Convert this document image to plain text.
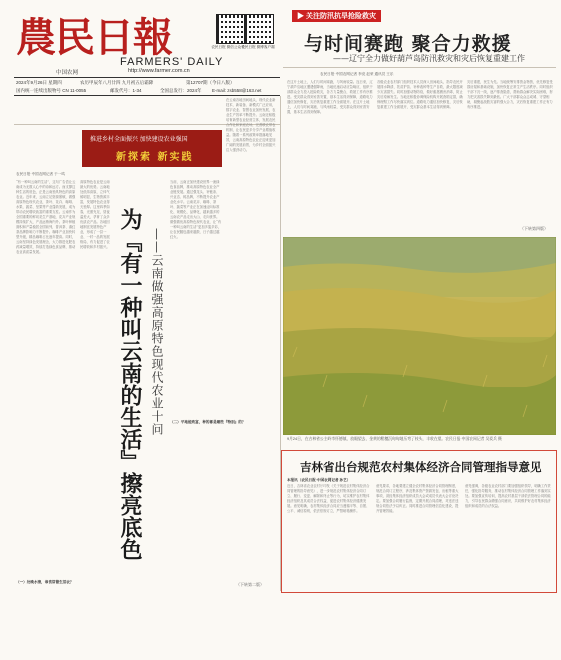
農民日報
FARMERS' DAILY
中国农网	http://www.farmer.com.cn
农民日报 微信公众号
农民日报 微博客户端
2024年9月26日 星期四	农历甲辰年八月廿四 九月初五后霜降	第12707期（今日八版）
国内统一连续出版物号 CN 11-0055	邮发代号：1-34	全国总发行：2024年 E-mail: zsb558@163.net
▶ 关注防汛抗旱抢险救灾
与时间赛跑 聚合力救援
——辽宁全力做好葫芦岛防汛救灾和灾后恢复重建工作
农民日报·中国农网记者 李竞 赵荣 通讯员 王乐
在这片土地上，人们与时间赛跑，与风雨较量。连日来，辽宁葫芦岛地区遭遇强降雨，当地迅速启动应急响应，组织干部群众全力投入抢险救灾，各方力量聚合，救援工作有序推进。受灾群众得到妥善安置，基本生活得到保障，道路电力通信加快修复，灾后恢复重建工作全面展开。在这片土地上，人们与时间赛跑，与风雨较量，受灾群众得到妥善安置，基本生活得到保障。
各级农业农村部门组织技术人员深入田间地头，指导农民开展排水降渍、扶苗护苗、补种改种等生产自救，最大限度减少灾害损失。同时加强动物防疫，做好畜禽圈舍消毒，防止灾后疫病发生。当地还积极协调保险机构开展查勘定损，确保理赔工作尽快落实到位。道路电力通信加快修复，灾后恢复重建工作全面展开，受灾群众基本生活得到保障。
灾后重建，民生为先。当地统筹安排资金物资，优先修复受损房屋和基础设施，加快恢复正常生产生活秩序。同时组织干部下沉一线，逐户排查隐患，帮助群众解决实际困难，努力把灾害损失降到最低。广大干部群众众志成城、守望相助，凝聚起战胜灾害的强大合力，灾后恢复重建工作正有力有序推进。
（下转第四版）
推进乡村全面振兴 加快建设农业强国
新探索 新实践
农民日报·中国农网记者 于一鸣
“有一种叫云南的生活”，这句广告语让云南成为无数人心中的诗和远方。而支撑这种生活的底色，正是云南独具特色的高原农业。近年来，云南立足资源禀赋，做强高原特色现代农业，茶叶、花卉、咖啡、水果、蔬菜、坚果等产业蓬勃发展，成为带动农民增收致富的重要支柱。云南作为全国重要的鲜切花生产基地，花卉产业规模持续扩大，产品远销海内外。茶叶种植面积和产量稳居全国前列，普洱茶、滇红茶品牌影响力不断提升。咖啡产业加快转型升级，精品咖啡占比逐年提高。同时，云南坚持绿色发展理念，大力推进化肥农药减量增效，持续打造绿色食品牌，推动农业高质量发展。
（一）处晚水清，谁食常德生活农？
高原特色农业是云南最大的优势。云南地处低纬高原，立体气候明显，生物资源丰富，发展特色农业得天独厚。这里四季如春，光照充足，昼夜温差大，孕育了众多优质农产品。各地因地制宜发展特色产业，形成了一县一业、一村一品的发展格局，有力促进了农民增收和乡村振兴。 为『有一种叫云南的生活』擦亮底色 ——云南做强高原特色现代农业十问
当前，云南正加快建设世界一流绿色食品牌，推动高原特色农业全产业链发展。通过强龙头、补链条、兴业态、树品牌，不断提升农业产业化水平。云南花卉、咖啡、茶叶、蔬菜等产业正在加速迈向标准化、规模化、品牌化，越来越多的云南农产品走出大山、走向世界。做强做优高原特色现代农业，让“有一种叫云南的生活”更加多姿多彩，让农民腰包越来越鼓、日子越过越红火。
（二）平地能致富，种的都是哪些『特别』的？
在云南各地田间地头，现代农业新技术、新装备、新模式广泛应用，数字农业、智慧农业加快发展，农业生产效率不断提升。云南还积极培育新型农业经营主体，发展农民合作社和家庭农场，完善联农带农机制，让农民更多分享产业增值收益。随着一系列政策举措落地见效，云南高原特色农业正迎来更加广阔的发展前景，为乡村全面振兴注入强劲动力。
（下转第二版）
9月24日，在吉林省公主岭市怀德镇，放眼望去，金黄的稻穗沉甸甸地压弯了枝头，丰收在望。农民日报·中国农网记者 吴爱兵 摄
吉林省出台规范农村集体经济合同管理指导意见
本报讯（农民日报·中国农网记者 孙艺）
近日，吉林省农业农村厅印发《关于规范农村集体经济合同管理的指导意见》，进一步规范农村集体经济合同订立、履行、变更、解除和终止等行为，切实维护农村集体经济组织及其成员合法权益，促进农村集体经济健康发展。意见明确，农村集体经济合同应当遵循平等、自愿、公平、诚信原则，依法依规订立，严禁暗箱操作。
意见要求，各地要建立健全农村集体经济合同管理制度，规范合同订立程序，涉及集体资产资源发包、出租等重大事项，须经集体经济组织成员大会或成员代表大会讨论决定。要加强合同履行监督，定期开展合同清理，对违法违规合同依法予以纠正。同时推进合同管理信息化建设，提升管理效能。
意见强调，各级农业农村部门要加强组织领导，明确工作责任，强化指导服务，推动农村集体经济合同管理工作落到实处。要加强宣传培训，提高农村基层干部依法管理合同的能力，引导农民群众增强合同意识，共同维护好农村集体经济组织和成员的合法权益。
